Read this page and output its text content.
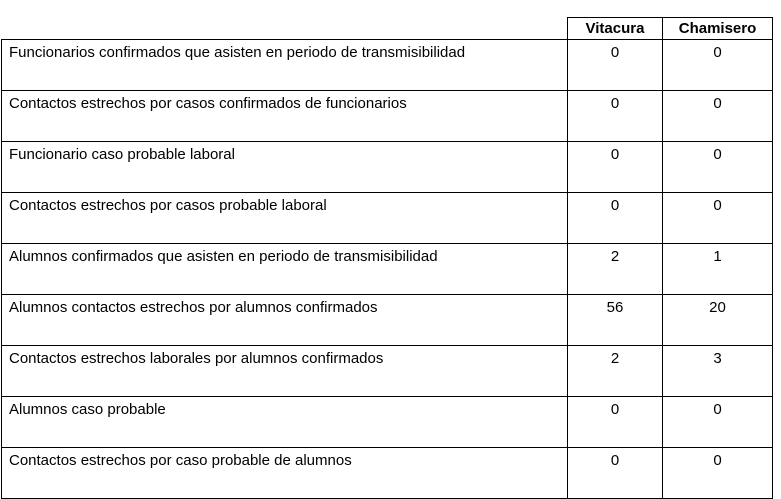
	Vitacura	Chamisero
Funcionarios confirmados que asisten en periodo de transmisibilidad	0	0
Contactos estrechos por casos confirmados de funcionarios	0	0
Funcionario caso probable laboral	0	0
Contactos estrechos por casos probable laboral	0	0
Alumnos confirmados que asisten en periodo de transmisibilidad	2	1
Alumnos contactos estrechos por alumnos confirmados	56	20
Contactos estrechos laborales por alumnos confirmados	2	3
Alumnos caso probable	0	0
Contactos estrechos por caso probable de alumnos	0	0
